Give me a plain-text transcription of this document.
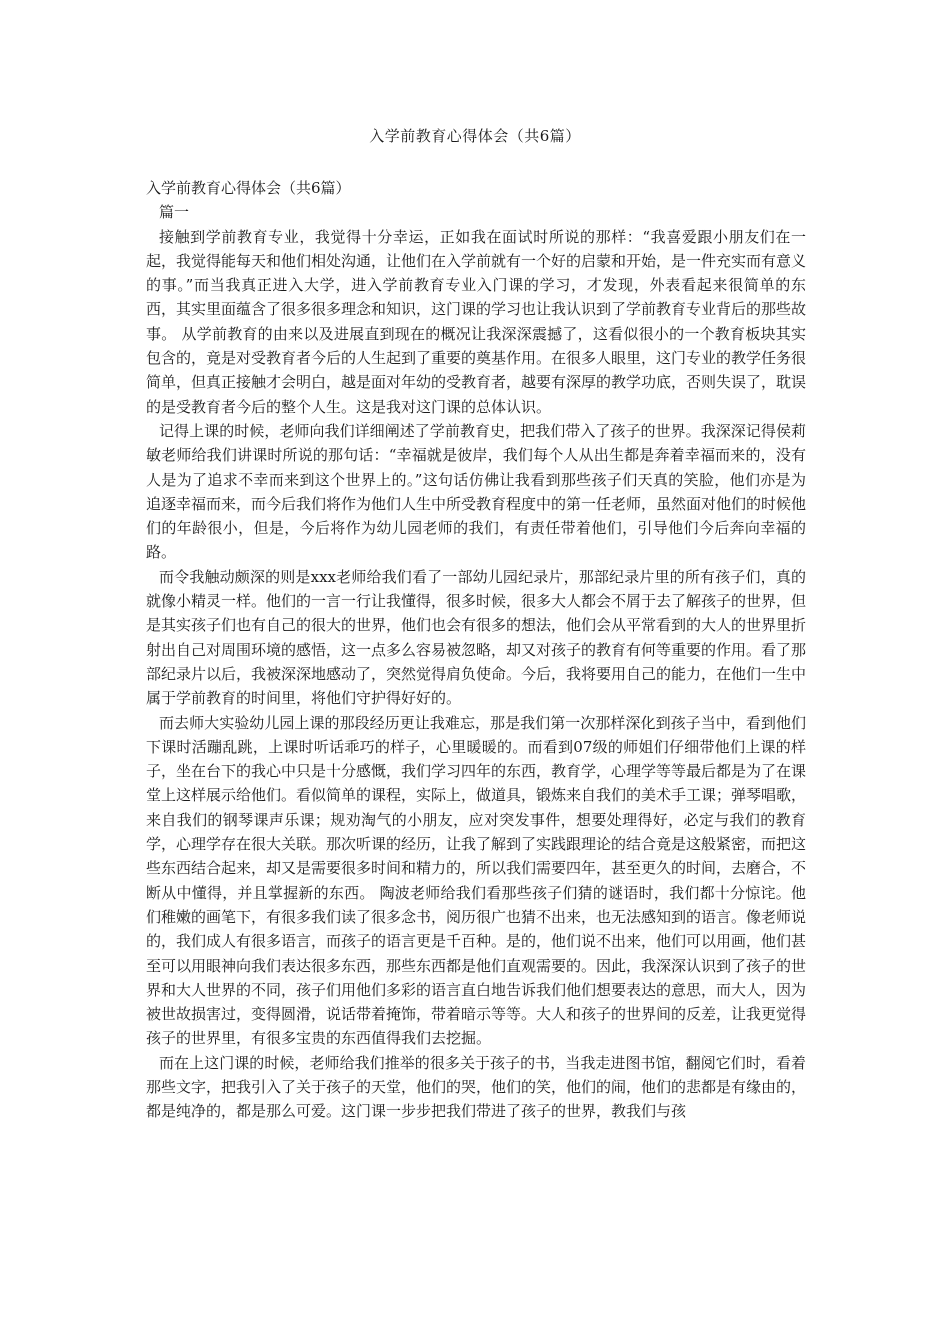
入学前教育心得体会（共6篇）

入学前教育心得体会（共6篇）

篇一

接触到学前教育专业，我觉得十分幸运，正如我在面试时所说的那样：“我喜爱跟小朋友们在一起，我觉得能每天和他们相处沟通，让他们在入学前就有一个好的启蒙和开始，是一件充实而有意义的事。”而当我真正进入大学，进入学前教育专业入门课的学习，才发现，外表看起来很简单的东西，其实里面蕴含了很多很多理念和知识，这门课的学习也让我认识到了学前教育专业背后的那些故事。 从学前教育的由来以及进展直到现在的概况让我深深震撼了，这看似很小的一个教育板块其实包含的，竟是对受教育者今后的人生起到了重要的奠基作用。在很多人眼里，这门专业的教学任务很简单，但真正接触才会明白，越是面对年幼的受教育者，越要有深厚的教学功底，否则失误了，耽误的是受教育者今后的整个人生。这是我对这门课的总体认识。

记得上课的时候，老师向我们详细阐述了学前教育史，把我们带入了孩子的世界。我深深记得侯莉敏老师给我们讲课时所说的那句话：“幸福就是彼岸，我们每个人从出生都是奔着幸福而来的，没有人是为了追求不幸而来到这个世界上的。”这句话仿佛让我看到那些孩子们天真的笑脸，他们亦是为追逐幸福而来，而今后我们将作为他们人生中所受教育程度中的第一任老师，虽然面对他们的时候他们的年龄很小，但是，今后将作为幼儿园老师的我们，有责任带着他们，引导他们今后奔向幸福的路。

而令我触动颇深的则是xxx老师给我们看了一部幼儿园纪录片，那部纪录片里的所有孩子们，真的就像小精灵一样。他们的一言一行让我懂得，很多时候，很多大人都会不屑于去了解孩子的世界，但是其实孩子们也有自己的很大的世界，他们也会有很多的想法，他们会从平常看到的大人的世界里折射出自己对周围环境的感悟，这一点多么容易被忽略，却又对孩子的教育有何等重要的作用。看了那部纪录片以后，我被深深地感动了，突然觉得肩负使命。今后，我将要用自己的能力，在他们一生中属于学前教育的时间里，将他们守护得好好的。

而去师大实验幼儿园上课的那段经历更让我难忘，那是我们第一次那样深化到孩子当中，看到他们下课时活蹦乱跳，上课时听话乖巧的样子，心里暖暖的。而看到07级的师姐们仔细带他们上课的样子，坐在台下的我心中只是十分感慨，我们学习四年的东西，教育学，心理学等等最后都是为了在课堂上这样展示给他们。看似简单的课程，实际上，做道具，锻炼来自我们的美术手工课；弹琴唱歌，来自我们的钢琴课声乐课；规劝淘气的小朋友，应对突发事件，想要处理得好，必定与我们的教育学，心理学存在很大关联。那次听课的经历，让我了解到了实践跟理论的结合竟是这般紧密，而把这些东西结合起来，却又是需要很多时间和精力的，所以我们需要四年，甚至更久的时间，去磨合，不断从中懂得，并且掌握新的东西。 陶波老师给我们看那些孩子们猜的谜语时，我们都十分惊诧。他们稚嫩的画笔下，有很多我们读了很多念书，阅历很广也猜不出来，也无法感知到的语言。像老师说的，我们成人有很多语言，而孩子的语言更是千百种。是的，他们说不出来，他们可以用画，他们甚至可以用眼神向我们表达很多东西，那些东西都是他们直观需要的。因此，我深深认识到了孩子的世界和大人世界的不同，孩子们用他们多彩的语言直白地告诉我们他们想要表达的意思，而大人，因为被世故损害过，变得圆滑，说话带着掩饰，带着暗示等等。大人和孩子的世界间的反差，让我更觉得孩子的世界里，有很多宝贵的东西值得我们去挖掘。

而在上这门课的时候，老师给我们推举的很多关于孩子的书，当我走进图书馆，翻阅它们时，看着那些文字，把我引入了关于孩子的天堂，他们的哭，他们的笑，他们的闹，他们的悲都是有缘由的，都是纯净的，都是那么可爱。这门课一步步把我们带进了孩子的世界，教我们与孩
